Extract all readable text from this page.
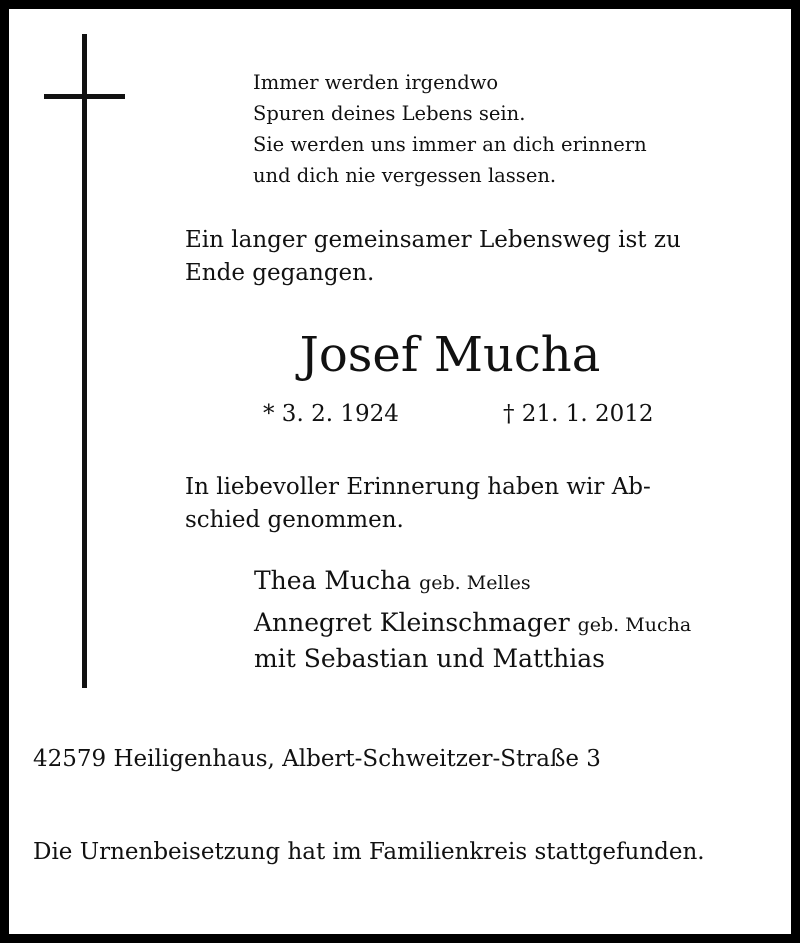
Immer werden irgendwo
Spuren deines Lebens sein.
Sie werden uns immer an dich erinnern
und dich nie vergessen lassen.

Ein langer gemeinsamer Lebensweg ist zu
Ende gegangen.

Josef Mucha

* 3. 2. 1924	† 21. 1. 2012

In liebevoller Erinnerung haben wir Ab-
schied genommen.

Thea Mucha geb. Melles
Annegret Kleinschmager geb. Mucha
mit Sebastian und Matthias

42579 Heiligenhaus, Albert-Schweitzer-Straße 3

Die Urnenbeisetzung hat im Familienkreis stattgefunden.
